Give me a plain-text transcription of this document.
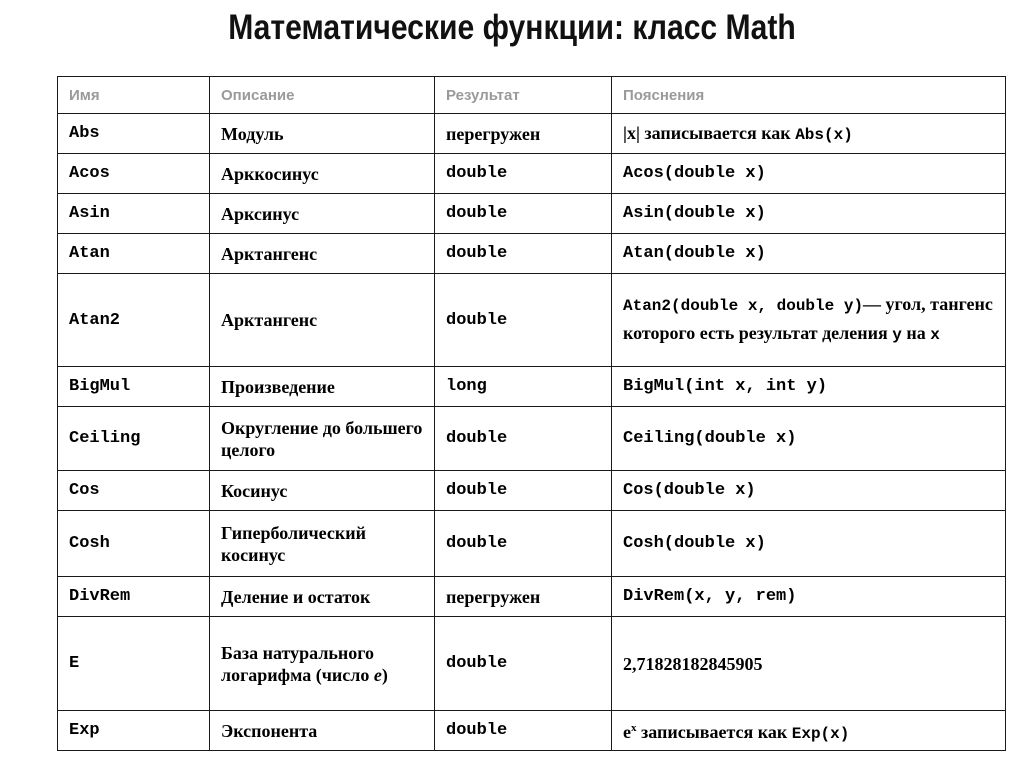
Математические функции: класс Math
Имя	Описание	Результат	Пояснения
Abs	Модуль	перегружен	|x| записывается как Abs(x)
Acos	Арккосинус	double	Acos(double x)
Asin	Арксинус	double	Asin(double x)
Atan	Арктангенс	double	Atan(double x)
Atan2	Арктангенс	double	Atan2(double x, double y)— угол, тангенс которого есть результат деления y на x
BigMul	Произведение	long	BigMul(int x, int y)
Ceiling	Округление до большего целого	double	Ceiling(double x)
Cos	Косинус	double	Cos(double x)
Cosh	Гиперболический косинус	double	Cosh(double x)
DivRem	Деление и остаток	перегружен	DivRem(x, y, rem)
E	База натурального логарифма (число e)	double	2,71828182845905
Exp	Экспонента	double	$e^x$ записывается как Exp(x)
